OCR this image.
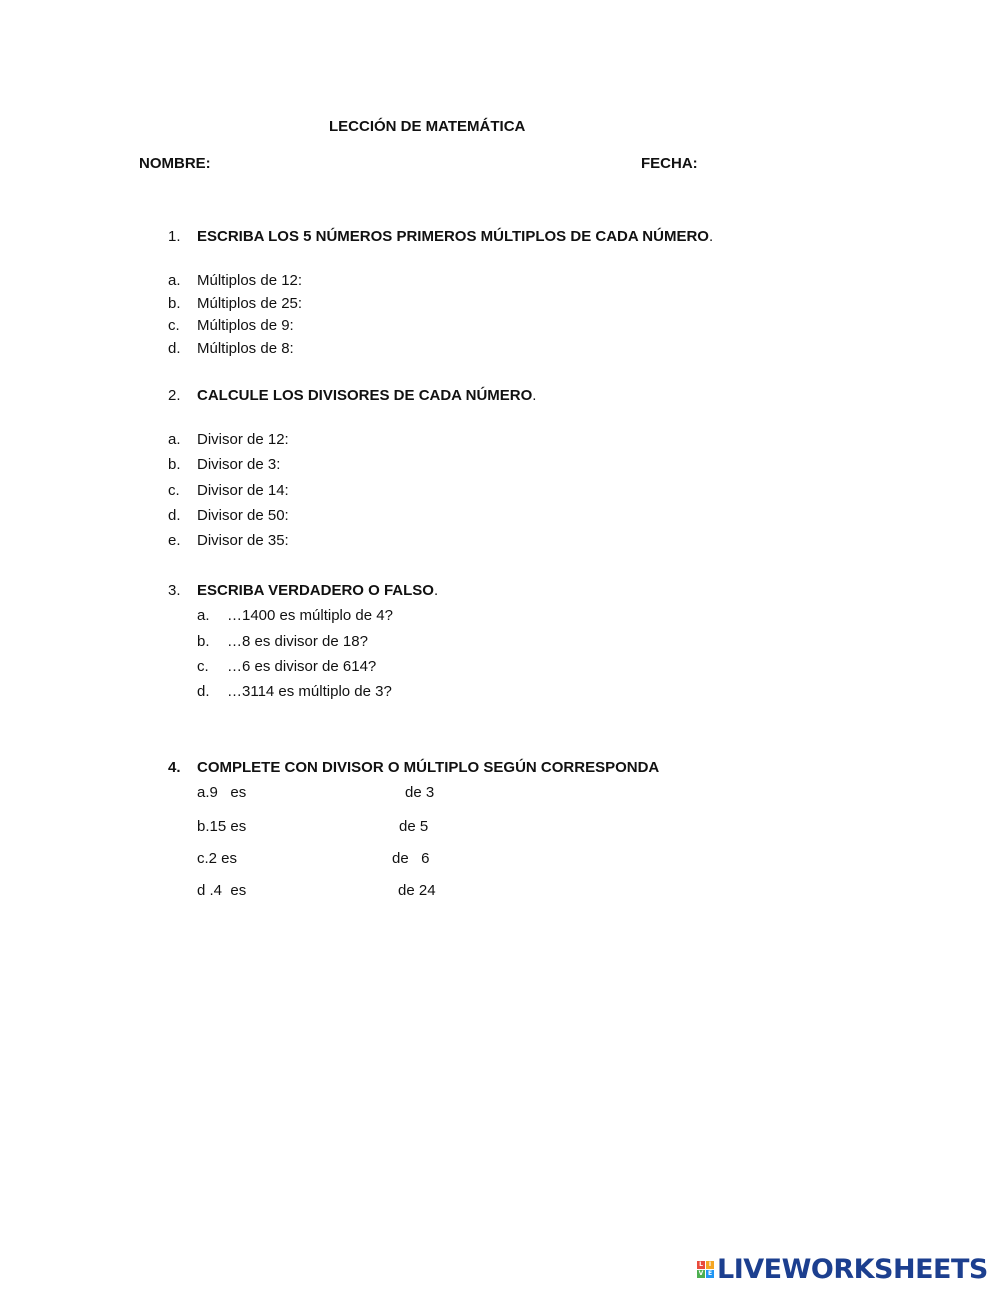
LECCIÓN DE MATEMÁTICA
NOMBRE:	FECHA:
1. ESCRIBA LOS 5 NÚMEROS PRIMEROS MÚLTIPLOS DE CADA NÚMERO.
a. Múltiplos de 12:
b. Múltiplos de 25:
c. Múltiplos de 9:
d. Múltiplos de 8:
2. CALCULE LOS DIVISORES DE CADA NÚMERO.
a. Divisor de 12:
b. Divisor de 3:
c. Divisor de 14:
d. Divisor de 50:
e. Divisor de 35:
3. ESCRIBA VERDADERO O FALSO.
a. …1400 es múltiplo de 4?
b. …8 es divisor de 18?
c. …6 es divisor de 614?
d. …3114 es múltiplo de 3?
4. COMPLETE CON DIVISOR O MÚLTIPLO SEGÚN CORRESPONDA
a.9   es	de 3
b.15 es	de 5
c.2 es	de   6
d .4  es	de 24
L I
V E LIVEWORKSHEETS
